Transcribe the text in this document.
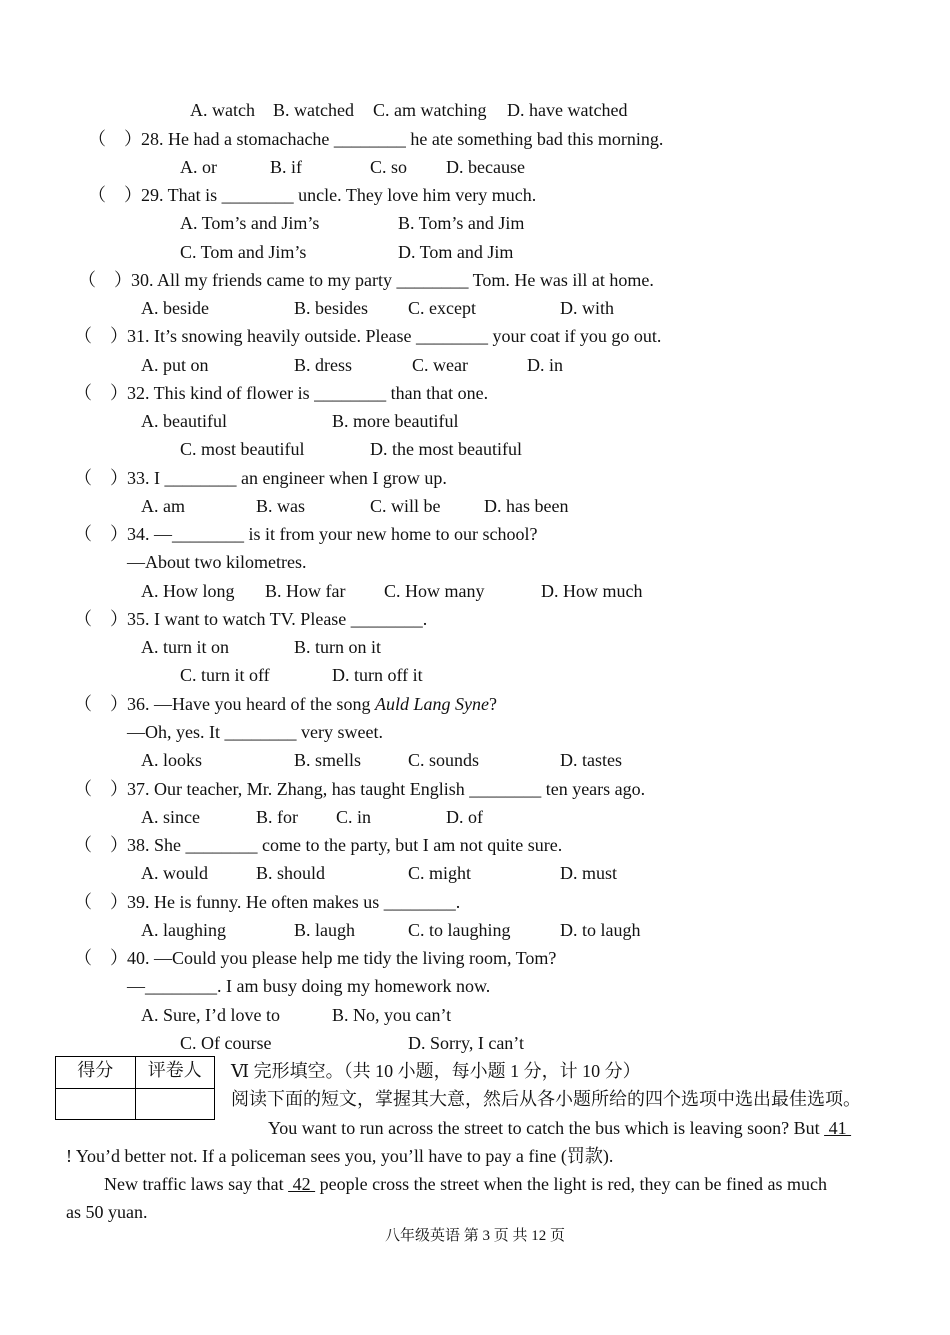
A. watch B. watched C. am watching D. have watched
（　） 28. He had a stomachache ________ he ate something bad this morning.
A. or	B. if	C. so D. because
（　） 29. That is ________ uncle. They love him very much.
A. Tom’s and Jim’s	B. Tom’s and Jim
C. Tom and Jim’s	D. Tom and Jim
（　） 30. All my friends came to my party ________ Tom. He was ill at home.
A. beside	B. besides C. except	D. with
（　） 31. It’s snowing heavily outside. Please ________ your coat if you go out.
A. put on	B. dress	C. wear	D. in
（　） 32. This kind of flower is ________ than that one.
A. beautiful	B. more beautiful
C. most beautiful	D. the most beautiful
（　） 33. I ________ an engineer when I grow up.
A. am	B. was	C. will be D. has been
（　） 34. —________ is it from your new home to our school?
—About two kilometres.
A. How long B. How far C. How many	D. How much
（　） 35. I want to watch TV. Please ________.
A. turn it on	B. turn on it
C. turn it off	D. turn off it
（　） 36. —Have you heard of the song Auld Lang Syne?
—Oh, yes. It ________ very sweet.
A. looks	B. smells	C. sounds	D. tastes
（　） 37. Our teacher, Mr. Zhang, has taught English ________ ten years ago.
A. since	B. for C. in	D. of
（　） 38. She ________ come to the party, but I am not quite sure.
A. would	B. should	C. might	D. must
（　） 39. He is funny. He often makes us ________.
A. laughing	B. laugh	C. to laughing	D. to laugh
（　） 40. —Could you please help me tidy the living room, Tom?
—________. I am busy doing my homework now.
A. Sure, I’d love to	B. No, you can’t
C. Of course	D. Sorry, I can’t
得分	评卷人
	Ⅵ 完形填空。（共 10 小题，每小题 1 分，计 10 分）
阅读下面的短文，掌握其大意，然后从各小题所给的四个选项中选出最佳选项。
You want to run across the street to catch the bus which is leaving soon? But  41
! You’d better not. If a policeman sees you, you’ll have to pay a fine (罚款).
New traffic laws say that  42  people cross the street when the light is red, they can be fined as much
as 50 yuan.
八年级英语 第 3 页 共 12 页
